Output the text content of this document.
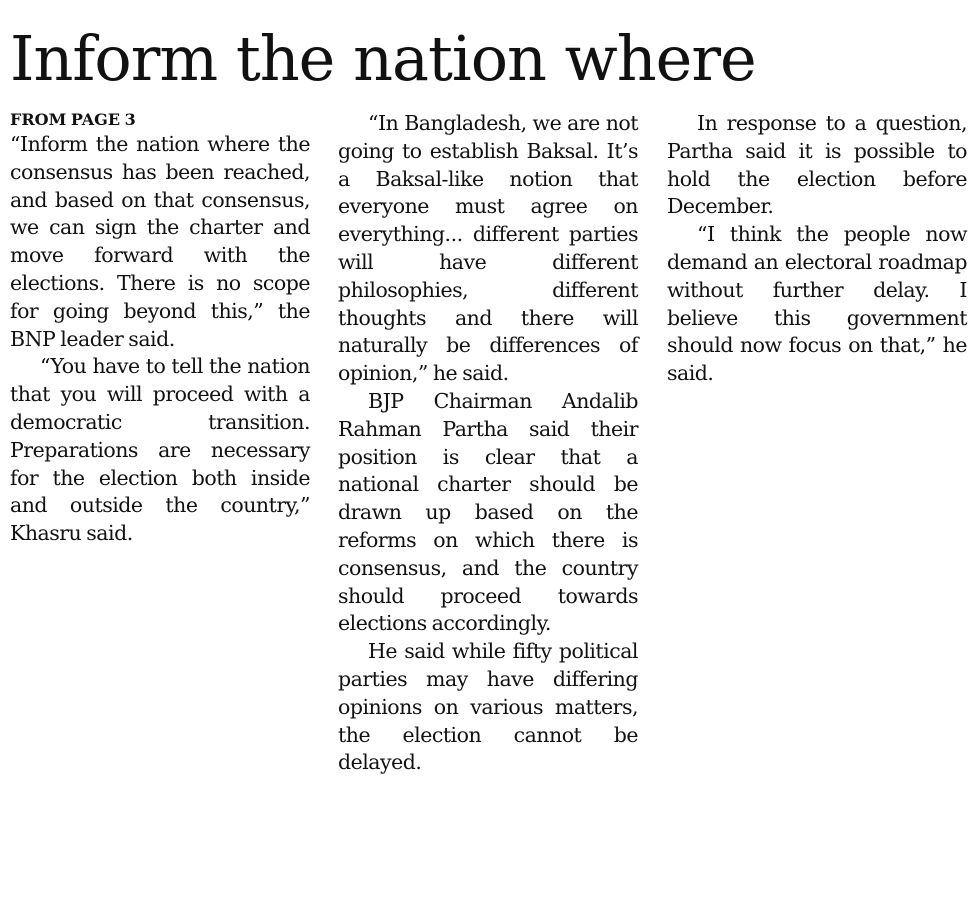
Inform the nation where
FROM PAGE 3

“Inform the nation where the consensus has been reached, and based on that consensus, we can sign the charter and move forward with the elections. There is no scope for going beyond this,” the BNP leader said.

“You have to tell the nation that you will proceed with a democratic transition. Preparations are necessary for the election both inside and outside the country,” Khasru said.

“In Bangladesh, we are not going to establish Baksal. It’s a Baksal-like notion that everyone must agree on everything... different parties will have different philosophies, different thoughts and there will naturally be differences of opinion,” he said.

BJP Chairman Andalib Rahman Partha said their position is clear that a national charter should be drawn up based on the reforms on which there is consensus, and the country should proceed towards elections accordingly.

He said while fifty political parties may have differing opinions on various matters, the election cannot be delayed.

In response to a question, Partha said it is possible to hold the election before December.

“I think the people now demand an electoral roadmap without further delay. I believe this government should now focus on that,” he said.
